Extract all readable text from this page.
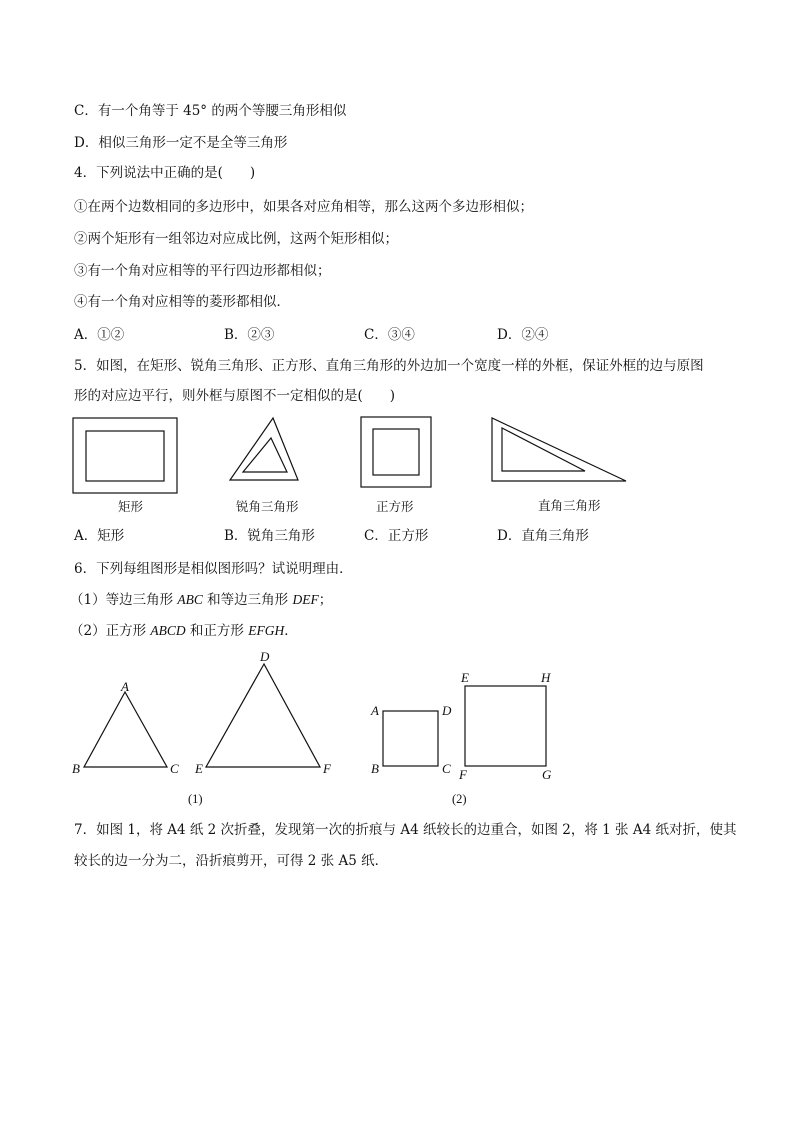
C．有一个角等于 45° 的两个等腰三角形相似
D．相似三角形一定不是全等三角形
4．下列说法中正确的是(　　)
①在两个边数相同的多边形中，如果各对应角相等，那么这两个多边形相似；
②两个矩形有一组邻边对应成比例，这两个矩形相似；
③有一个角对应相等的平行四边形都相似；
④有一个角对应相等的菱形都相似．
A．①②	B．②③	C．③④	D．②④
5．如图，在矩形、锐角三角形、正方形、直角三角形的外边加一个宽度一样的外框，保证外框的边与原图
形的对应边平行，则外框与原图不一定相似的是(　　)
矩形	锐角三角形	正方形	直角三角形
A．矩形	B．锐角三角形	C．正方形	D．直角三角形
6．下列每组图形是相似图形吗？试说明理由．
（1）等边三角形 ABC 和等边三角形 DEF；
（2）正方形 ABCD 和正方形 EFGH．
A
B	C
D
E	F
A	D
B	C
E	H
F	G
(1)	(2)
7．如图 1，将 A4 纸 2 次折叠，发现第一次的折痕与 A4 纸较长的边重合，如图 2，将 1 张 A4 纸对折，使其
较长的边一分为二，沿折痕剪开，可得 2 张 A5 纸．
